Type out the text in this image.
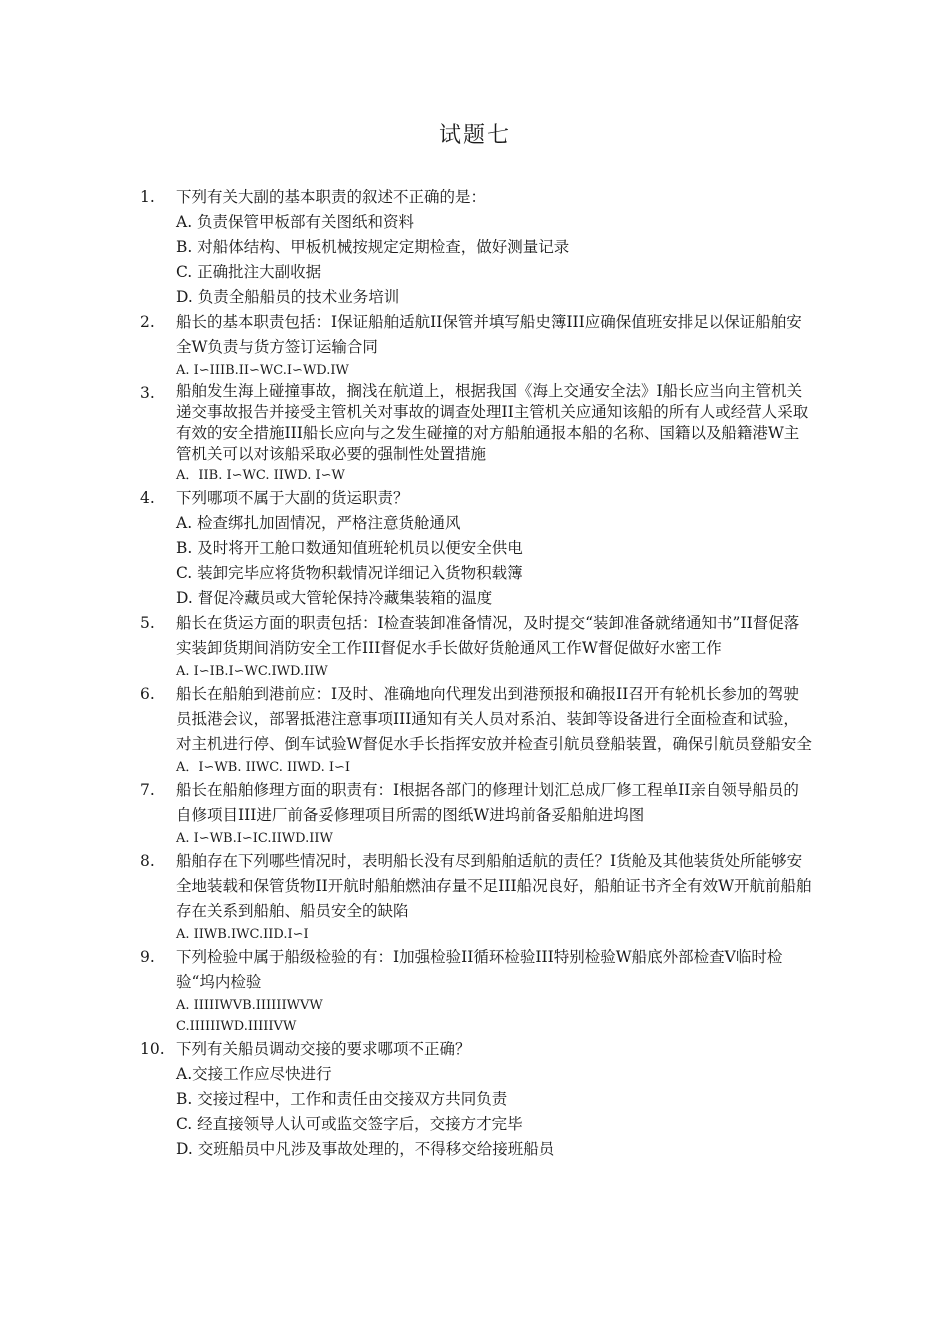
试题七
1.	下列有关大副的基本职责的叙述不正确的是：
A. 负责保管甲板部有关图纸和资料
B. 对船体结构、甲板机械按规定定期检查，做好测量记录
C. 正确批注大副收据
D. 负责全船船员的技术业务培训
2.	船长的基本职责包括：I保证船舶适航II保管并填写船史簿III应确保值班安排足以保证船舶安全W负责与货方签订运输合同
A. I∽IIIB.II∽WC.I∽WD.IW
3.	船舶发生海上碰撞事故，搁浅在航道上，根据我国《海上交通安全法》I船长应当向主管机关递交事故报告并接受主管机关对事故的调查处理II主管机关应通知该船的所有人或经营人采取有效的安全措施III船长应向与之发生碰撞的对方船舶通报本船的名称、国籍以及船籍港W主管机关可以对该船采取必要的强制性处置措施
A．IIB. I∽WC. IIWD. I∽W
4.	下列哪项不属于大副的货运职责？
A. 检查绑扎加固情况，严格注意货舱通风
B. 及时将开工舱口数通知值班轮机员以便安全供电
C. 装卸完毕应将货物积载情况详细记入货物积载簿
D. 督促冷藏员或大管轮保持冷藏集装箱的温度
5.	船长在货运方面的职责包括：I检查装卸准备情况，及时提交“装卸准备就绪通知书”II督促落实装卸货期间消防安全工作III督促水手长做好货舱通风工作W督促做好水密工作
A. I∽IB.I∽WC.IWD.IIW
6.	船长在船舶到港前应：I及时、准确地向代理发出到港预报和确报II召开有轮机长参加的驾驶员抵港会议，部署抵港注意事项III通知有关人员对系泊、装卸等设备进行全面检查和试验，对主机进行停、倒车试验W督促水手长指挥安放并检查引航员登船装置，确保引航员登船安全
A．I∽WB. IIWC. IIWD. I∽I
7.	船长在船舶修理方面的职责有：I根据各部门的修理计划汇总成厂修工程单II亲自领导船员的自修项目III进厂前备妥修理项目所需的图纸W进坞前备妥船舶进坞图
A. I∽WB.I∽IC.IIWD.IIW
8.	船舶存在下列哪些情况时，表明船长没有尽到船舶适航的责任？I货舱及其他装货处所能够安全地装载和保管货物II开航时船舶燃油存量不足III船况良好，船舶证书齐全有效W开航前船舶存在关系到船舶、船员安全的缺陷
A. IIWB.IWC.IID.I∽I
9.	下列检验中属于船级检验的有：I加强检验II循环检验III特别检验W船底外部检查V临时检验“坞内检验
A. IIIIIWVB.IIIIIIWVW
C.IIIIIIWD.IIIIIVW
10. 下列有关船员调动交接的要求哪项不正确？
A.交接工作应尽快进行
B. 交接过程中，工作和责任由交接双方共同负责
C. 经直接领导人认可或监交签字后，交接方才完毕
D. 交班船员中凡涉及事故处理的，不得移交给接班船员
